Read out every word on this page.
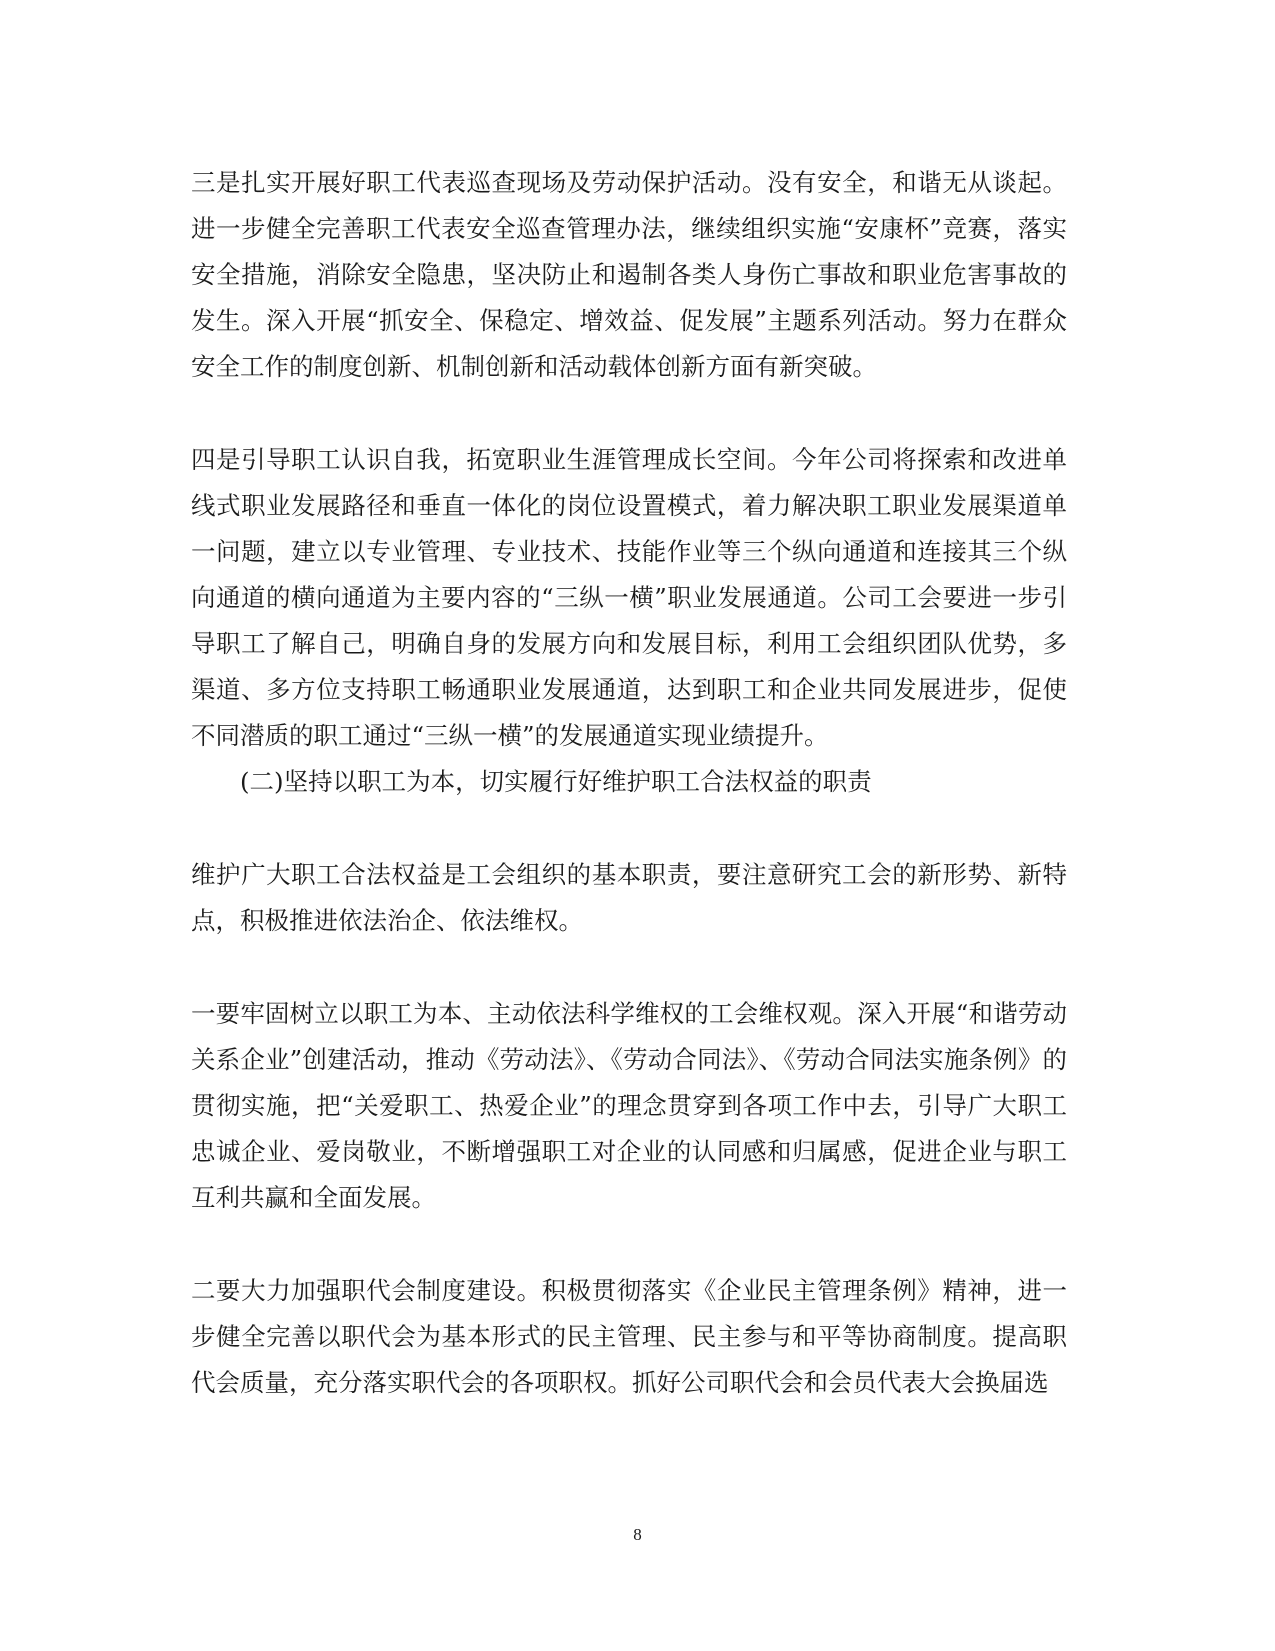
三是扎实开展好职工代表巡查现场及劳动保护活动。没有安全，和谐无从谈起。进一步健全完善职工代表安全巡查管理办法，继续组织实施“安康杯”竞赛，落实安全措施，消除安全隐患，坚决防止和遏制各类人身伤亡事故和职业危害事故的发生。深入开展“抓安全、保稳定、增效益、促发展”主题系列活动。努力在群众安全工作的制度创新、机制创新和活动载体创新方面有新突破。

四是引导职工认识自我，拓宽职业生涯管理成长空间。今年公司将探索和改进单线式职业发展路径和垂直一体化的岗位设置模式，着力解决职工职业发展渠道单一问题，建立以专业管理、专业技术、技能作业等三个纵向通道和连接其三个纵向通道的横向通道为主要内容的“三纵一横”职业发展通道。公司工会要进一步引导职工了解自己，明确自身的发展方向和发展目标，利用工会组织团队优势，多渠道、多方位支持职工畅通职业发展通道，达到职工和企业共同发展进步，促使不同潜质的职工通过“三纵一横”的发展通道实现业绩提升。

(二)坚持以职工为本，切实履行好维护职工合法权益的职责

维护广大职工合法权益是工会组织的基本职责，要注意研究工会的新形势、新特点，积极推进依法治企、依法维权。

一要牢固树立以职工为本、主动依法科学维权的工会维权观。深入开展“和谐劳动关系企业”创建活动，推动《劳动法》、《劳动合同法》、《劳动合同法实施条例》的贯彻实施，把“关爱职工、热爱企业”的理念贯穿到各项工作中去，引导广大职工忠诚企业、爱岗敬业，不断增强职工对企业的认同感和归属感，促进企业与职工互利共赢和全面发展。

二要大力加强职代会制度建设。积极贯彻落实《企业民主管理条例》精神，进一步健全完善以职代会为基本形式的民主管理、民主参与和平等协商制度。提高职代会质量，充分落实职代会的各项职权。抓好公司职代会和会员代表大会换届选

8
